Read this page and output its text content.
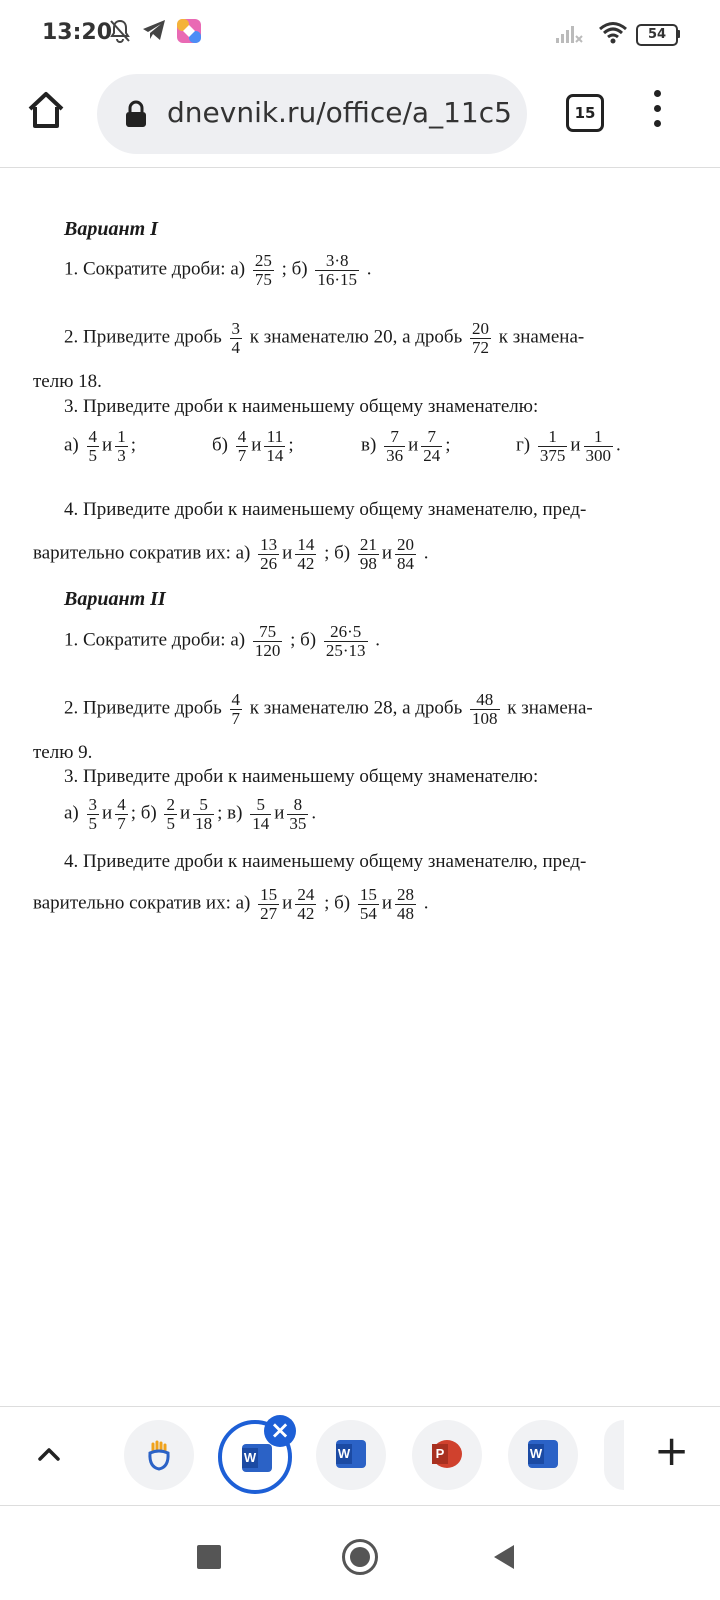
13:20	54
dnevnik.ru/office/a_11c5	15
Вариант I
1. Сократите дроби: $а) \frac{25}{75}$ ; $б) \frac{3\cdot 8}{16\cdot 15}$ .
2. Приведите дробь $\frac{3}{4}$ к знаменателю 20, а дробь $\frac{20}{72}$ к знамена-
телю 18.
3. Приведите дроби к наименьшему общему знаменателю:
$а) \frac{4}{5}$ и $\frac{1}{3}$ ;	$б) \frac{4}{7}$ и $\frac{11}{14}$ ;	$в) \frac{7}{36}$ и $\frac{7}{24}$ ;	$г) \frac{1}{375}$ и $\frac{1}{300}$ .
4. Приведите дроби к наименьшему общему знаменателю, пред-
варительно сократив их: $а) \frac{13}{26}$ и $\frac{14}{42}$ ; $б) \frac{21}{98}$ и $\frac{20}{84}$ .
Вариант II
1. Сократите дроби: $а) \frac{75}{120}$ ; $б) \frac{26\cdot 5}{25\cdot 13}$ .
2. Приведите дробь $\frac{4}{7}$ к знаменателю 28, а дробь $\frac{48}{108}$ к знамена-
телю 9.
3. Приведите дроби к наименьшему общему знаменателю:
$а) \frac{3}{5}$ и $\frac{4}{7}$ ; $б) \frac{2}{5}$ и $\frac{5}{18}$ ; $в) \frac{5}{14}$ и $\frac{8}{35}$ .
4. Приведите дроби к наименьшему общему знаменателю, пред-
варительно сократив их: $а) \frac{15}{27}$ и $\frac{24}{42}$ ; $б) \frac{15}{54}$ и $\frac{28}{48}$ .
W
×
W	P	W	+
